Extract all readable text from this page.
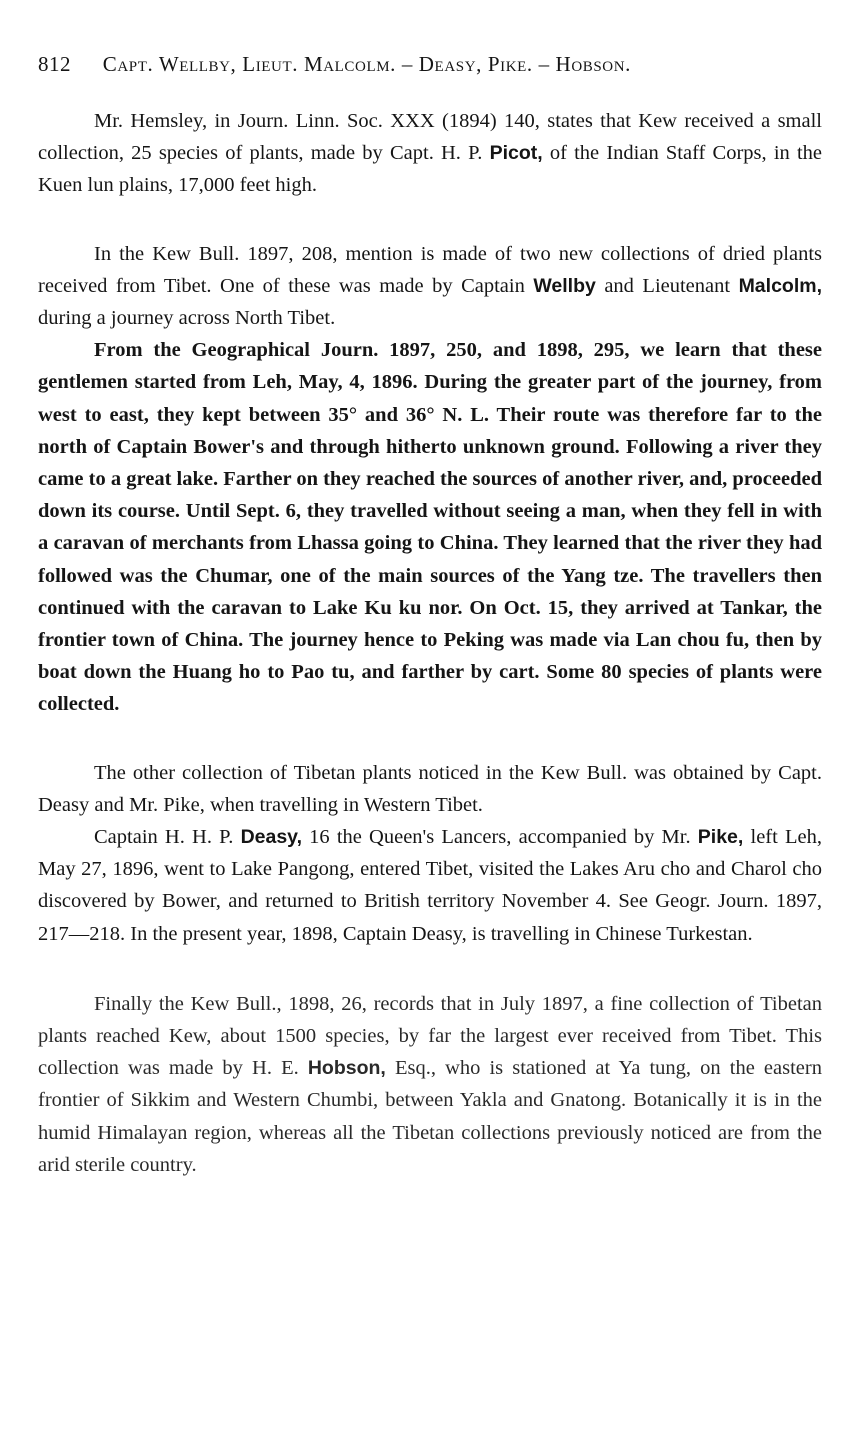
812 Capt. Wellby, Lieut. Malcolm. – Deasy, Pike. – Hobson.

Mr. Hemsley, in Journ. Linn. Soc. XXX (1894) 140, states that Kew received a small collection, 25 species of plants, made by Capt. H. P. Picot, of the Indian Staff Corps, in the Kuen lun plains, 17,000 feet high.

In the Kew Bull. 1897, 208, mention is made of two new collections of dried plants received from Tibet. One of these was made by Captain Wellby and Lieutenant Malcolm, during a journey across North Tibet.

From the Geographical Journ. 1897, 250, and 1898, 295, we learn that these gentlemen started from Leh, May, 4, 1896. During the greater part of the journey, from west to east, they kept between 35° and 36° N. L. Their route was therefore far to the north of Captain Bower's and through hitherto unknown ground. Following a river they came to a great lake. Farther on they reached the sources of another river, and, proceeded down its course. Until Sept. 6, they travelled without seeing a man, when they fell in with a caravan of merchants from Lhassa going to China. They learned that the river they had followed was the Chumar, one of the main sources of the Yang tze. The travellers then continued with the caravan to Lake Ku ku nor. On Oct. 15, they arrived at Tankar, the frontier town of China. The journey hence to Peking was made via Lan chou fu, then by boat down the Huang ho to Pao tu, and farther by cart. Some 80 species of plants were collected.

The other collection of Tibetan plants noticed in the Kew Bull. was obtained by Capt. Deasy and Mr. Pike, when travelling in Western Tibet.

Captain H. H. P. Deasy, 16 the Queen's Lancers, accompanied by Mr. Pike, left Leh, May 27, 1896, went to Lake Pangong, entered Tibet, visited the Lakes Aru cho and Charol cho discovered by Bower, and returned to British territory November 4. See Geogr. Journ. 1897, 217—218. In the present year, 1898, Captain Deasy, is travelling in Chinese Turkestan.

Finally the Kew Bull., 1898, 26, records that in July 1897, a fine collection of Tibetan plants reached Kew, about 1500 species, by far the largest ever received from Tibet. This collection was made by H. E. Hobson, Esq., who is stationed at Ya tung, on the eastern frontier of Sikkim and Western Chumbi, between Yakla and Gnatong. Botanically it is in the humid Himalayan region, whereas all the Tibetan collections previously noticed are from the arid sterile country.
